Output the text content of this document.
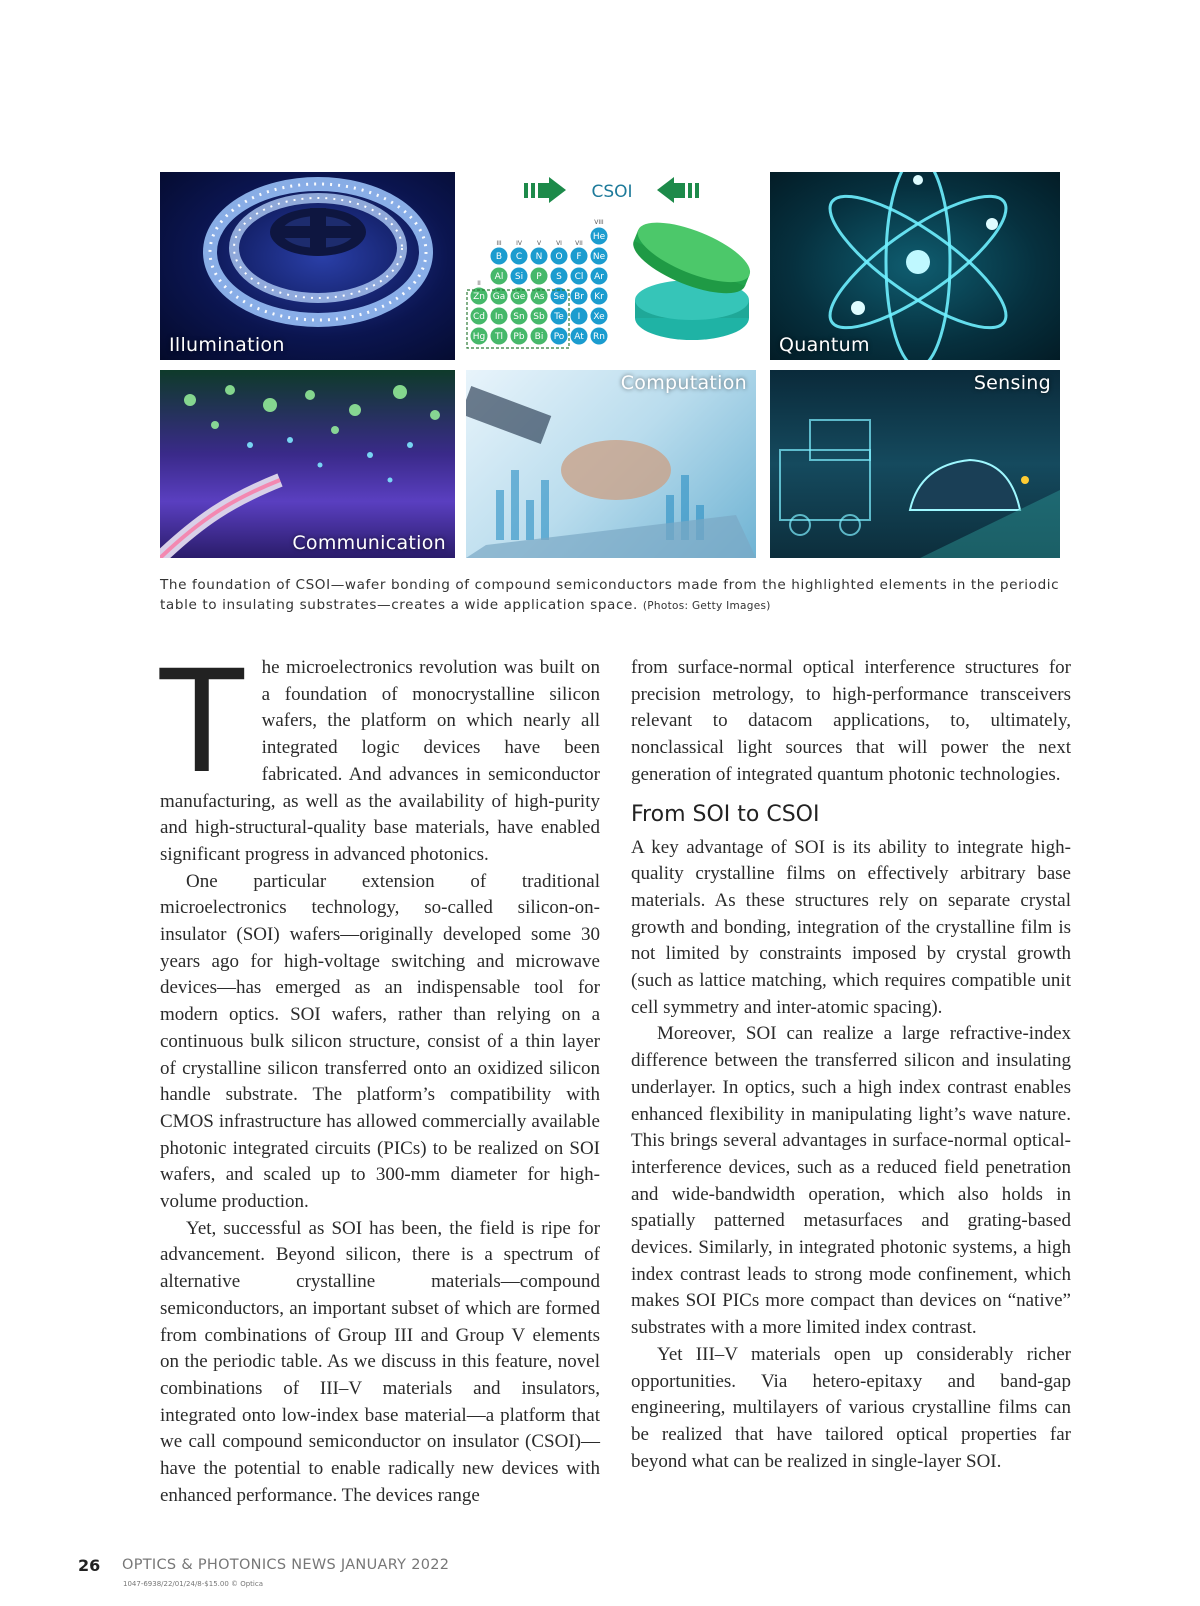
Illumination
CSOI
He
B C N O F Ne
Al Si P S Cl Ar
Zn Ga Ge As Se Br Kr
Cd In Sn Sb Te I Xe
Hg Tl Pb Bi Po At Rn
II
III IV	V	VI VII
VIII
Quantum
Communication
Computation	Sensing
The foundation of CSOI—wafer bonding of compound semiconductors made from the highlighted elements in the periodic table to insulating substrates—creates a wide application space. (Photos: Getty Images)
T he microelectronics revolution was built on a foundation of monocrystalline silicon wafers, the platform on which nearly all integrated logic devices have been fabricated. And advances in semiconductor manufacturing, as well as the availability of high-purity and high-structural-quality base materials, have enabled significant progress in advanced photonics.

One particular extension of traditional microelectronics technology, so-called silicon-on-insulator (SOI) wafers—originally developed some 30 years ago for high-voltage switching and microwave devices—has emerged as an indispensable tool for modern optics. SOI wafers, rather than relying on a continuous bulk silicon structure, consist of a thin layer of crystalline silicon transferred onto an oxidized silicon handle substrate. The platform’s compatibility with CMOS infrastructure has allowed commercially available photonic integrated circuits (PICs) to be realized on SOI wafers, and scaled up to 300-mm diameter for high-volume production.

Yet, successful as SOI has been, the field is ripe for advancement. Beyond silicon, there is a spectrum of alternative crystalline materials—compound semiconductors, an important subset of which are formed from combinations of Group III and Group V elements on the periodic table. As we discuss in this feature, novel combinations of III–V materials and insulators, integrated onto low-index base material—a platform that we call compound semiconductor on insulator (CSOI)—have the potential to enable radically new devices with enhanced performance. The devices range

from surface-normal optical interference structures for precision metrology, to high-performance transceivers relevant to datacom applications, to, ultimately, nonclassical light sources that will power the next generation of integrated quantum photonic technologies.

From SOI to CSOI

A key advantage of SOI is its ability to integrate high-quality crystalline films on effectively arbitrary base materials. As these structures rely on separate crystal growth and bonding, integration of the crystalline film is not limited by constraints imposed by crystal growth (such as lattice matching, which requires compatible unit cell symmetry and inter-atomic spacing).

Moreover, SOI can realize a large refractive-index difference between the transferred silicon and insulating underlayer. In optics, such a high index contrast enables enhanced flexibility in manipulating light’s wave nature. This brings several advantages in surface-normal optical-interference devices, such as a reduced field penetration and wide-bandwidth operation, which also holds in spatially patterned metasurfaces and grating-based devices. Similarly, in integrated photonic systems, a high index contrast leads to strong mode confinement, which makes SOI PICs more compact than devices on “native” substrates with a more limited index contrast.

Yet III–V materials open up considerably richer opportunities. Via hetero-epitaxy and band-gap engineering, multilayers of various crystalline films can be realized that have tailored optical properties far beyond what can be realized in single-layer SOI.

26 OPTICS & PHOTONICS NEWS JANUARY 2022
1047-6938/22/01/24/8-$15.00 © Optica
